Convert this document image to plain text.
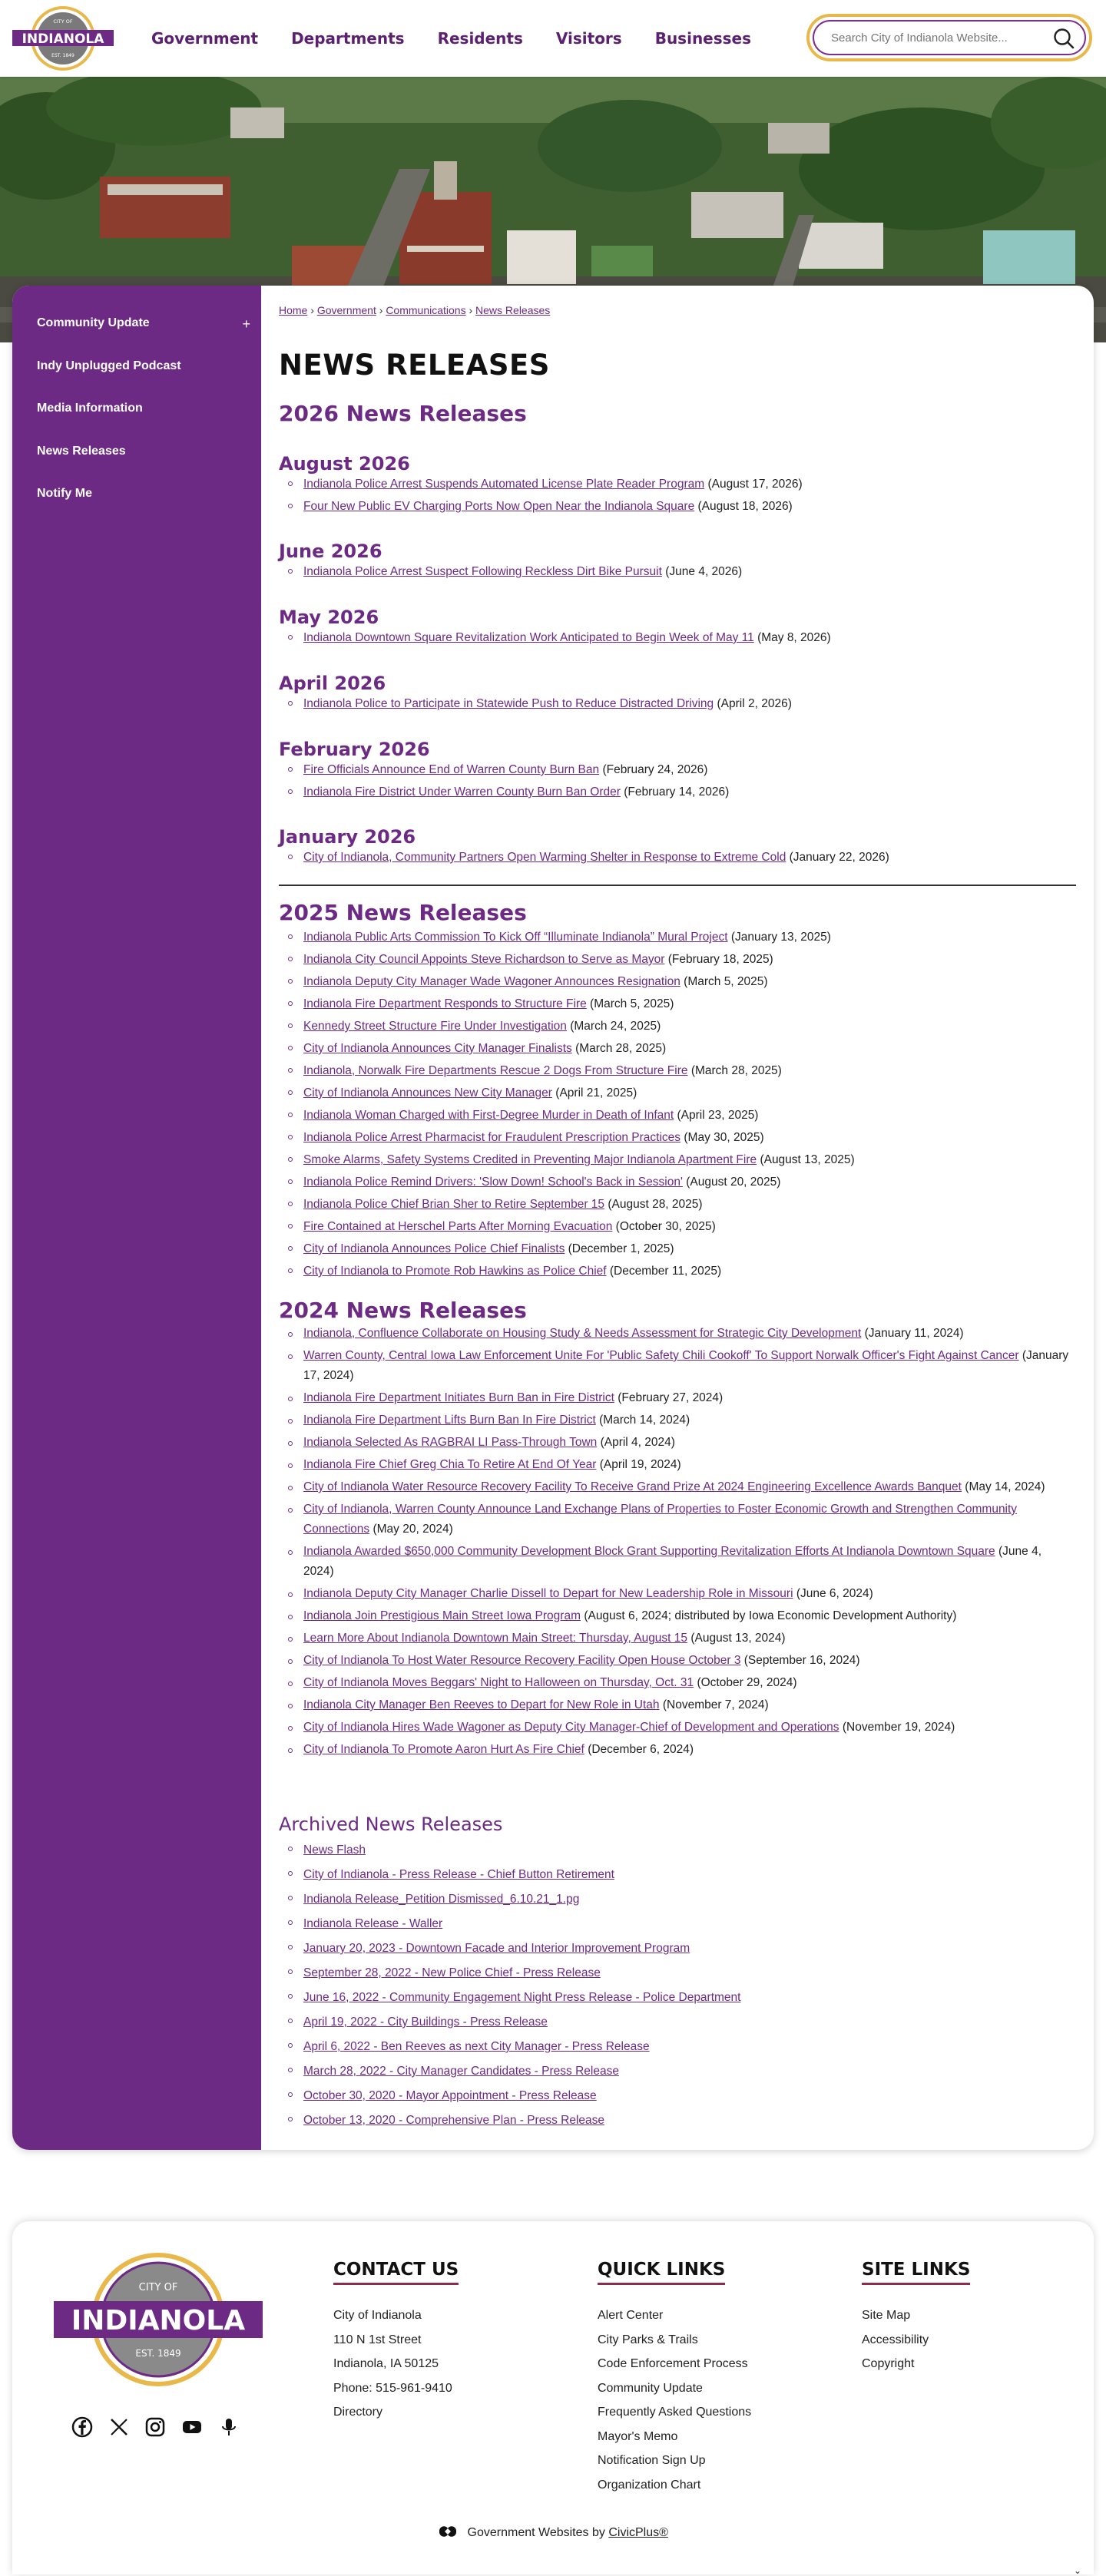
CITY OF
INDIANOLA
EST. 1849
Government	Departments	Residents	Visitors	Businesses
Search City of Indianola Website...
Community Update	+
Indy Unplugged Podcast
Media Information
News Releases
Notify Me
Home › Government › Communications › News Releases
NEWS RELEASES
2026 News Releases
August 2026
Indianola Police Arrest Suspends Automated License Plate Reader Program (August 17, 2026)
Four New Public EV Charging Ports Now Open Near the Indianola Square (August 18, 2026)
June 2026
Indianola Police Arrest Suspect Following Reckless Dirt Bike Pursuit (June 4, 2026)
May 2026
Indianola Downtown Square Revitalization Work Anticipated to Begin Week of May 11 (May 8, 2026)
April 2026
Indianola Police to Participate in Statewide Push to Reduce Distracted Driving (April 2, 2026)
February 2026
Fire Officials Announce End of Warren County Burn Ban (February 24, 2026)
Indianola Fire District Under Warren County Burn Ban Order (February 14, 2026)
January 2026
City of Indianola, Community Partners Open Warming Shelter in Response to Extreme Cold (January 22, 2026)
2025 News Releases
Indianola Public Arts Commission To Kick Off “Illuminate Indianola” Mural Project (January 13, 2025)
Indianola City Council Appoints Steve Richardson to Serve as Mayor (February 18, 2025)
Indianola Deputy City Manager Wade Wagoner Announces Resignation (March 5, 2025)
Indianola Fire Department Responds to Structure Fire (March 5, 2025)
Kennedy Street Structure Fire Under Investigation (March 24, 2025)
City of Indianola Announces City Manager Finalists (March 28, 2025)
Indianola, Norwalk Fire Departments Rescue 2 Dogs From Structure Fire (March 28, 2025)
City of Indianola Announces New City Manager (April 21, 2025)
Indianola Woman Charged with First-Degree Murder in Death of Infant (April 23, 2025)
Indianola Police Arrest Pharmacist for Fraudulent Prescription Practices (May 30, 2025)
Smoke Alarms, Safety Systems Credited in Preventing Major Indianola Apartment Fire (August 13, 2025)
Indianola Police Remind Drivers: 'Slow Down! School's Back in Session' (August 20, 2025)
Indianola Police Chief Brian Sher to Retire September 15 (August 28, 2025)
Fire Contained at Herschel Parts After Morning Evacuation (October 30, 2025)
City of Indianola Announces Police Chief Finalists (December 1, 2025)
City of Indianola to Promote Rob Hawkins as Police Chief (December 11, 2025)
2024 News Releases
Indianola, Confluence Collaborate on Housing Study & Needs Assessment for Strategic City Development (January 11, 2024)
Warren County, Central Iowa Law Enforcement Unite For 'Public Safety Chili Cookoff' To Support Norwalk Officer's Fight Against Cancer (January 17, 2024)
Indianola Fire Department Initiates Burn Ban in Fire District (February 27, 2024)
Indianola Fire Department Lifts Burn Ban In Fire District (March 14, 2024)
Indianola Selected As RAGBRAI LI Pass-Through Town (April 4, 2024)
Indianola Fire Chief Greg Chia To Retire At End Of Year (April 19, 2024)
City of Indianola Water Resource Recovery Facility To Receive Grand Prize At 2024 Engineering Excellence Awards Banquet (May 14, 2024)
City of Indianola, Warren County Announce Land Exchange Plans of Properties to Foster Economic Growth and Strengthen Community Connections (May 20, 2024)
Indianola Awarded $650,000 Community Development Block Grant Supporting Revitalization Efforts At Indianola Downtown Square (June 4, 2024)
Indianola Deputy City Manager Charlie Dissell to Depart for New Leadership Role in Missouri (June 6, 2024)
Indianola Join Prestigious Main Street Iowa Program (August 6, 2024; distributed by Iowa Economic Development Authority)
Learn More About Indianola Downtown Main Street: Thursday, August 15 (August 13, 2024)
City of Indianola To Host Water Resource Recovery Facility Open House October 3 (September 16, 2024)
City of Indianola Moves Beggars' Night to Halloween on Thursday, Oct. 31 (October 29, 2024)
Indianola City Manager Ben Reeves to Depart for New Role in Utah (November 7, 2024)
City of Indianola Hires Wade Wagoner as Deputy City Manager-Chief of Development and Operations (November 19, 2024)
City of Indianola To Promote Aaron Hurt As Fire Chief (December 6, 2024)
Archived News Releases
News Flash
City of Indianola - Press Release - Chief Button Retirement
Indianola Release_Petition Dismissed_6.10.21_1.pg
Indianola Release - Waller
January 20, 2023 - Downtown Facade and Interior Improvement Program
September 28, 2022 - New Police Chief - Press Release
June 16, 2022 - Community Engagement Night Press Release - Police Department
April 19, 2022 - City Buildings - Press Release
April 6, 2022 - Ben Reeves as next City Manager - Press Release
March 28, 2022 - City Manager Candidates - Press Release
October 30, 2020 - Mayor Appointment - Press Release
October 13, 2020 - Comprehensive Plan - Press Release
CITY OF
INDIANOLA
EST. 1849
CONTACT US
City of Indianola
110 N 1st Street
Indianola, IA 50125
Phone: 515-961-9410
Directory
QUICK LINKS
Alert Center
City Parks & Trails
Code Enforcement Process
Community Update
Frequently Asked Questions
Mayor's Memo
Notification Sign Up
Organization Chart
SITE LINKS
Site Map
Accessibility
Copyright
Government Websites by CivicPlus®
⌄
